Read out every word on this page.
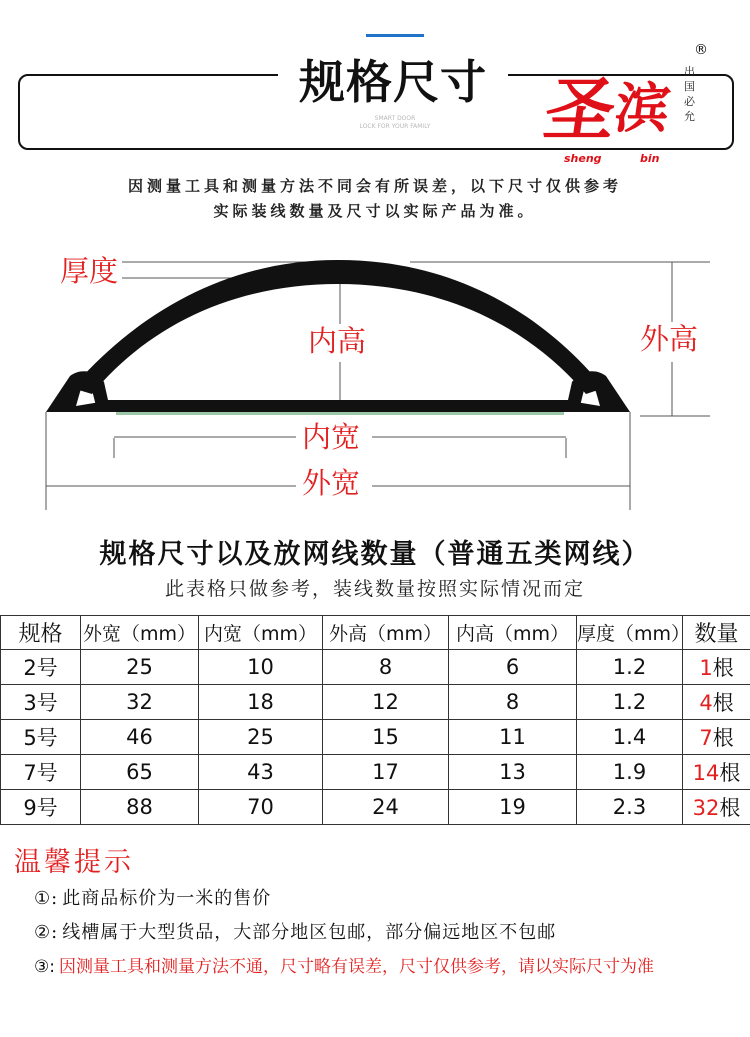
规格尺寸
SMART DOOR
LOCK FOR YOUR FAMILY	圣
滨
出国必允
®
sheng	bin
因测量工具和测量方法不同会有所误差，以下尺寸仅供参考
实际装线数量及尺寸以实际产品为准。
厚度
内高	外高
内宽
外宽
规格尺寸以及放网线数量（普通五类网线）
此表格只做参考，装线数量按照实际情况而定
规格	外宽（mm）	内宽（mm）	外高（mm）	内高（mm）	厚度（mm）	数量
2号	25	10	8	6	1.2	1根
3号	32	18	12	8	1.2	4根
5号	46	25	15	11	1.4	7根
7号	65	43	17	13	1.9	14根
9号	88	70	24	19	2.3	32根
温馨提示
①: 此商品标价为一米的售价
②: 线槽属于大型货品，大部分地区包邮，部分偏远地区不包邮
③: 因测量工具和测量方法不通，尺寸略有误差，尺寸仅供参考，请以实际尺寸为准
